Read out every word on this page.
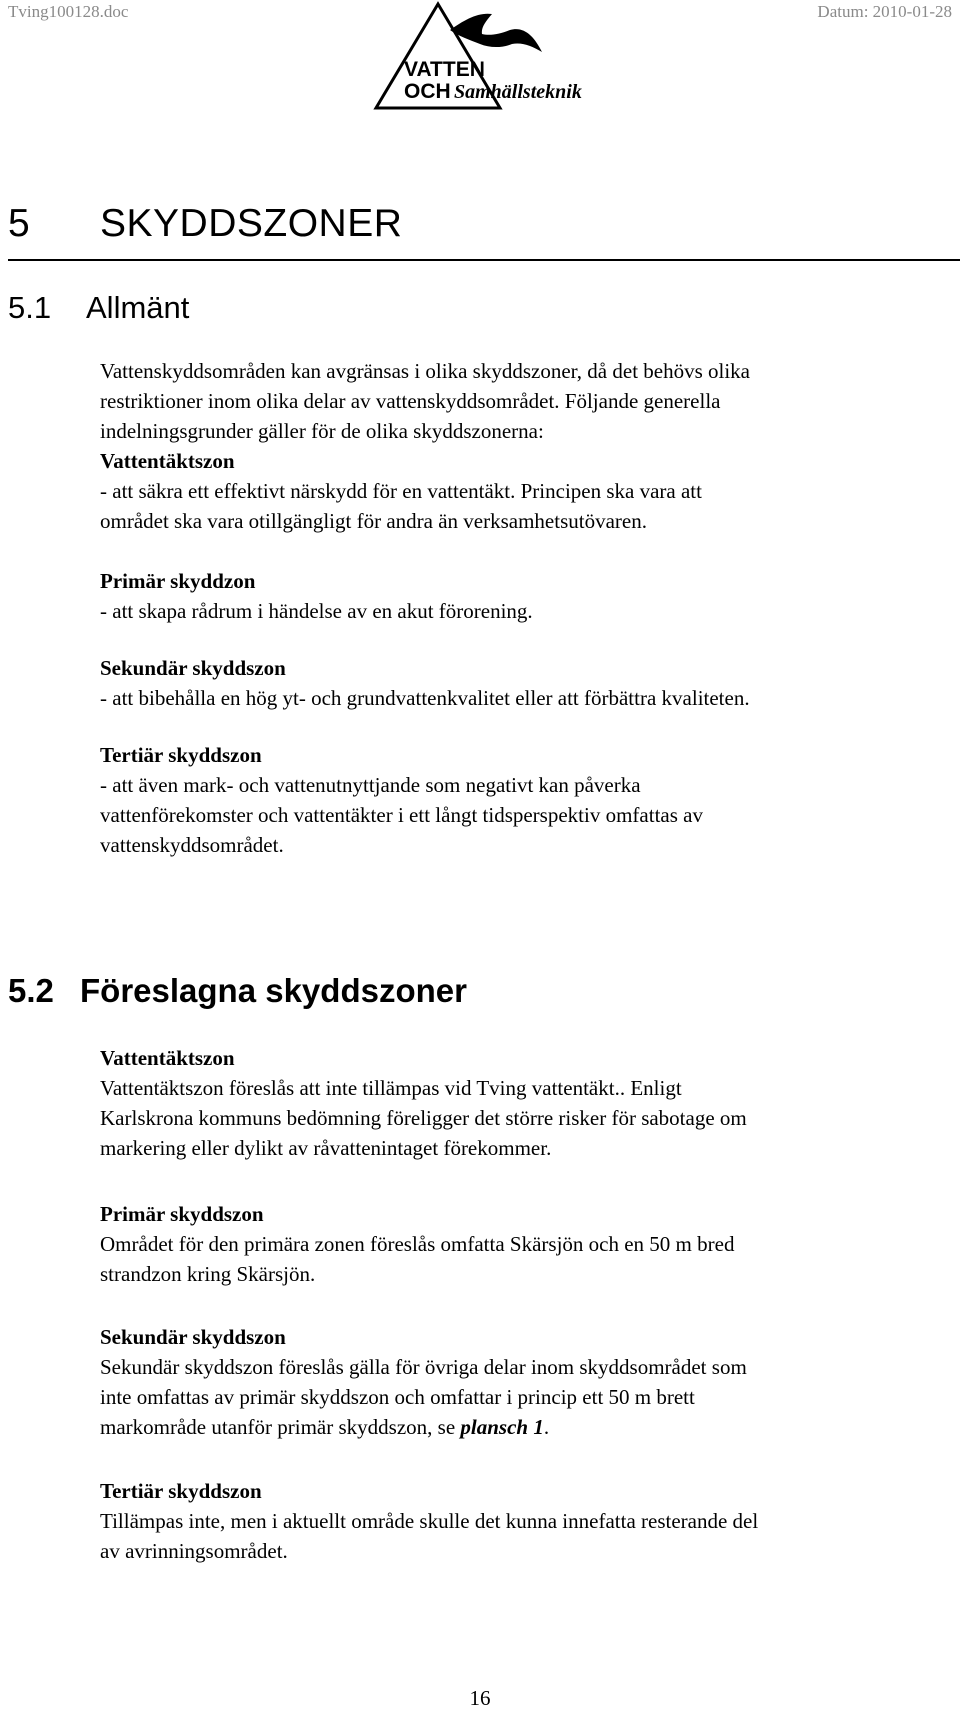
Tving100128.doc	Datum: 2010-01-28
VATTEN
OCH Samhällsteknik
5 SKYDDSZONER
5.1 Allmänt
Vattenskyddsområden kan avgränsas i olika skyddszoner, då det behövs olika
restriktioner inom olika delar av vattenskyddsområdet. Följande generella
indelningsgrunder gäller för de olika skyddszonerna:
Vattentäktszon
- att säkra ett effektivt närskydd för en vattentäkt. Principen ska vara att
området ska vara otillgängligt för andra än verksamhetsutövaren.
Primär skyddzon
- att skapa rådrum i händelse av en akut förorening.
Sekundär skyddszon
- att bibehålla en hög yt- och grundvattenkvalitet eller att förbättra kvaliteten.
Tertiär skyddszon
- att även mark- och vattenutnyttjande som negativt kan påverka
vattenförekomster och vattentäkter i ett långt tidsperspektiv omfattas av
vattenskyddsområdet.
5.2 Föreslagna skyddszoner
Vattentäktszon
Vattentäktszon föreslås att inte tillämpas vid Tving vattentäkt.. Enligt
Karlskrona kommuns bedömning föreligger det större risker för sabotage om
markering eller dylikt av råvattenintaget förekommer.
Primär skyddszon
Området för den primära zonen föreslås omfatta Skärsjön och en 50 m bred
strandzon kring Skärsjön.
Sekundär skyddszon
Sekundär skyddszon föreslås gälla för övriga delar inom skyddsområdet som
inte omfattas av primär skyddszon och omfattar i princip ett 50 m brett
markområde utanför primär skyddszon, se plansch 1.
Tertiär skyddszon
Tillämpas inte, men i aktuellt område skulle det kunna innefatta resterande del
av avrinningsområdet.
16
